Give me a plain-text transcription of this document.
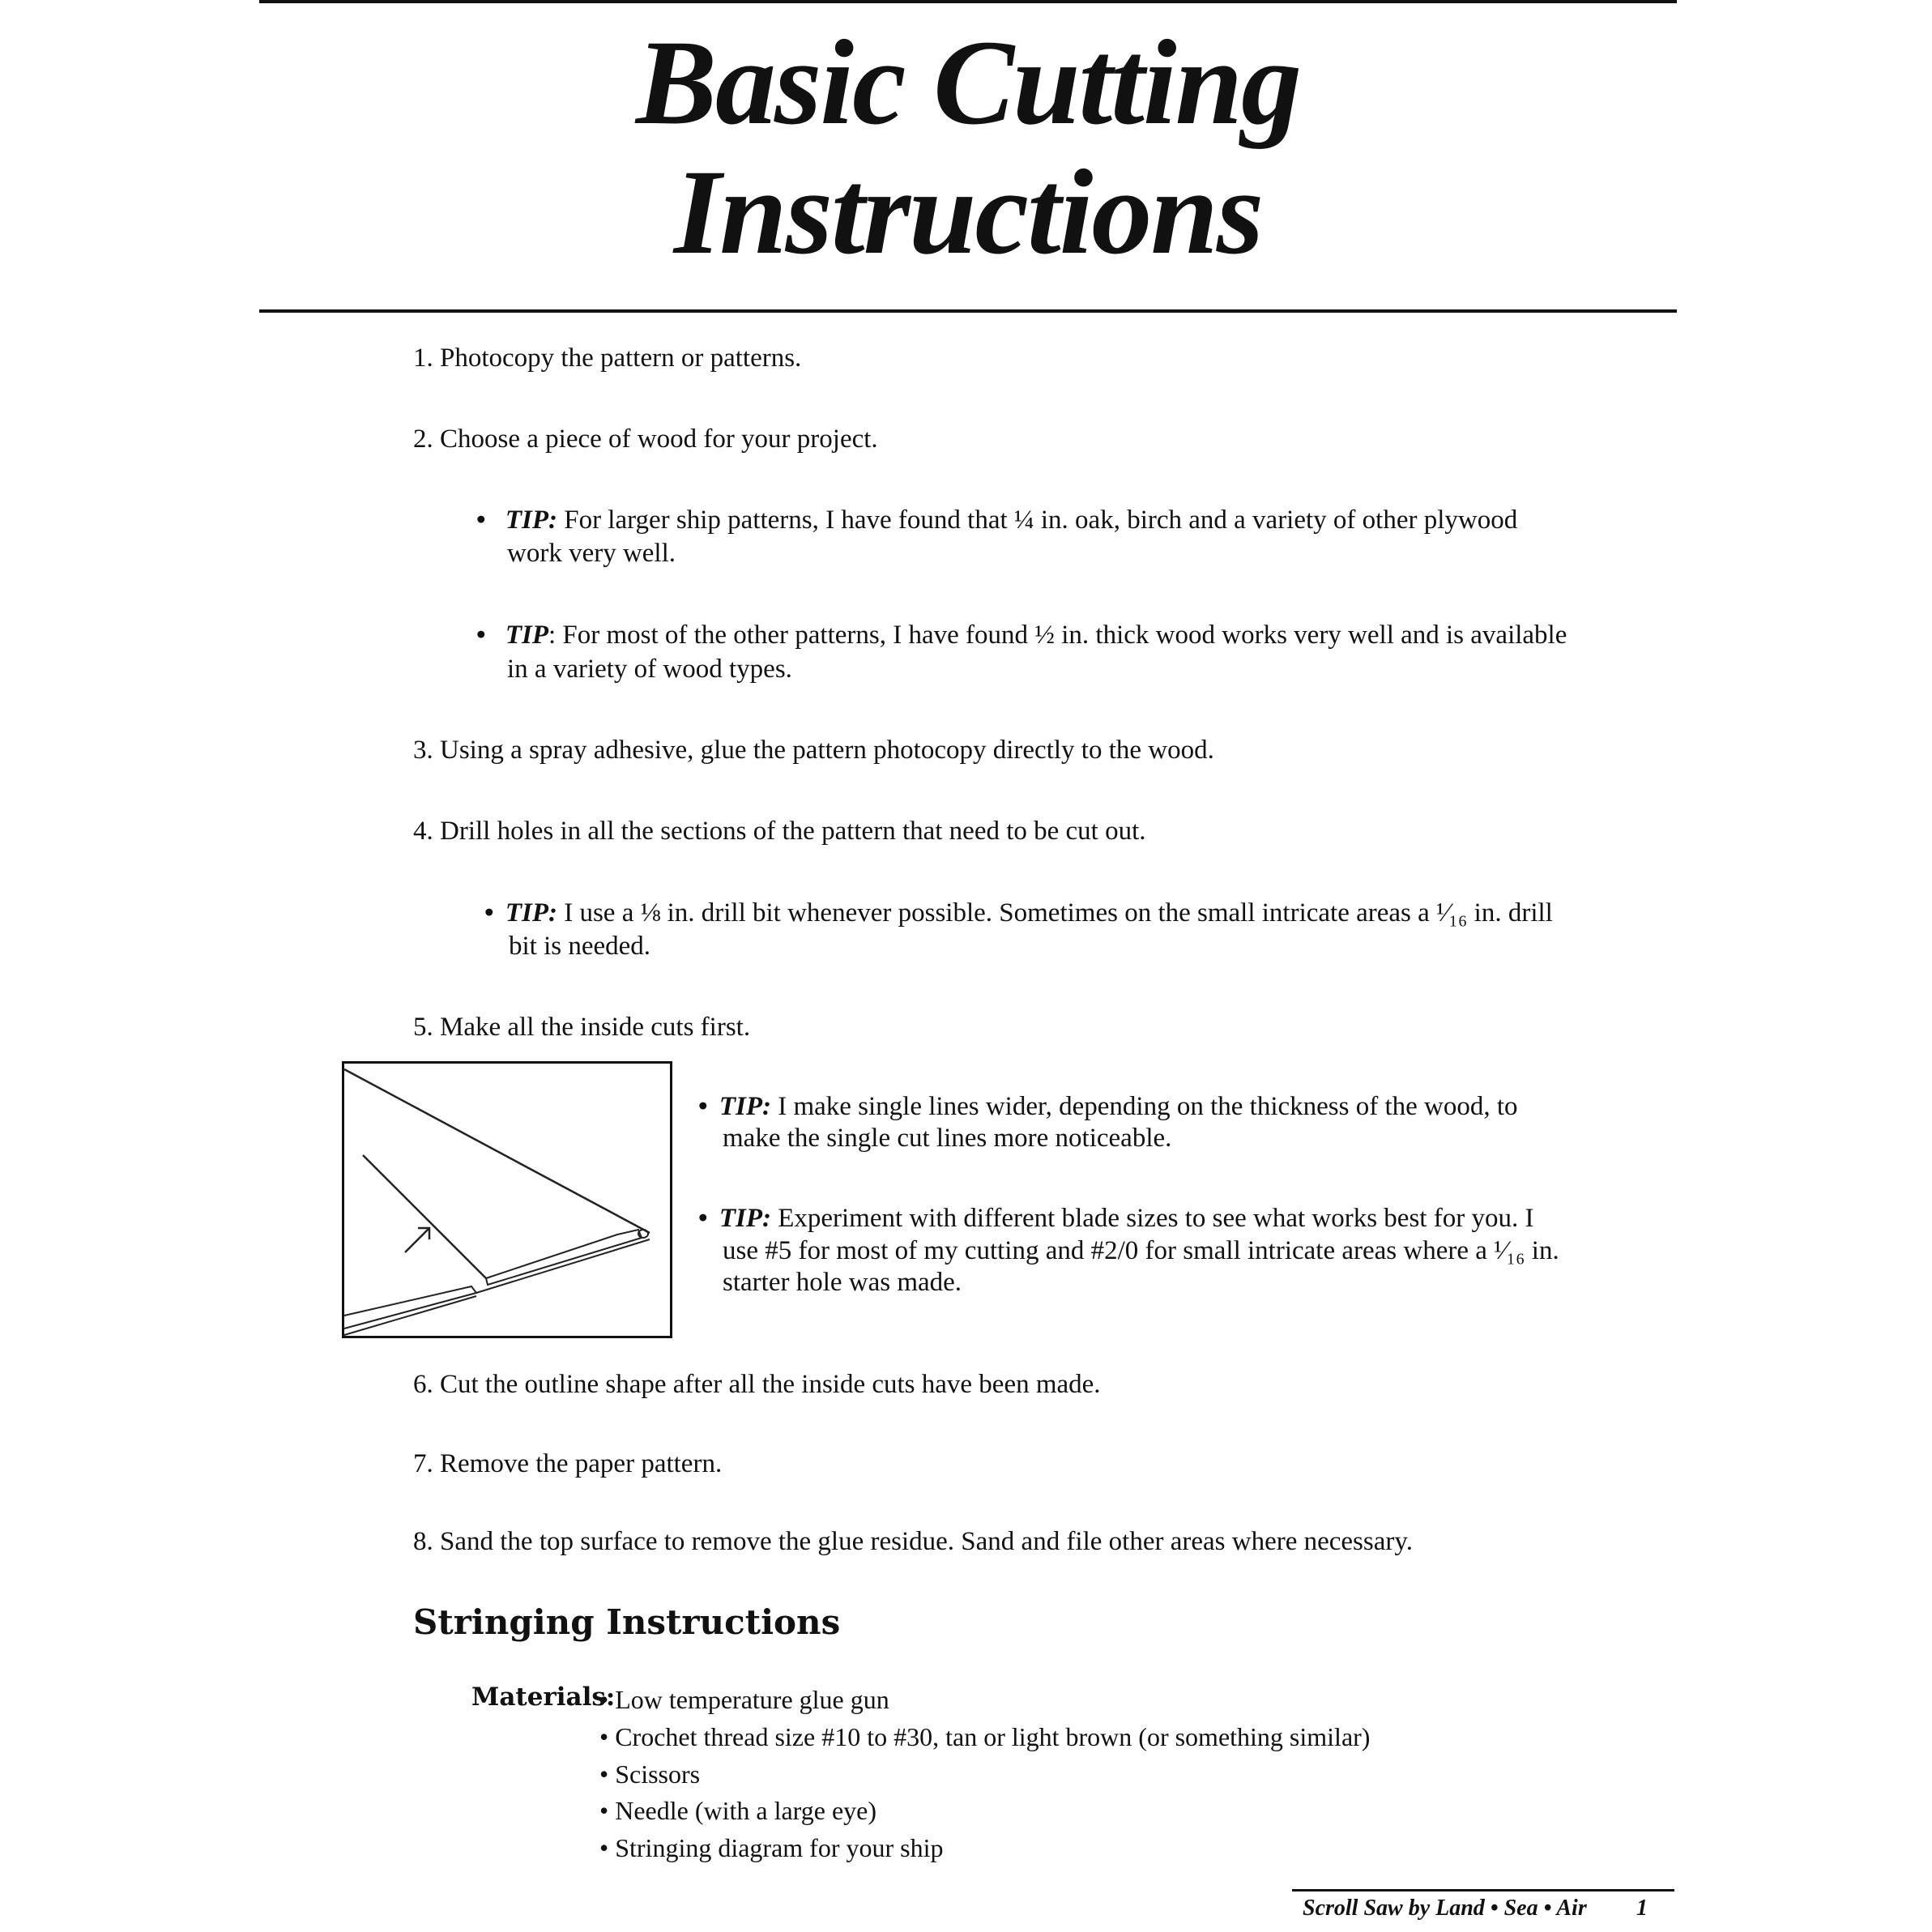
Basic Cutting
Instructions
1. Photocopy the pattern or patterns.
2. Choose a piece of wood for your project.
• TIP: For larger ship patterns, I have found that ¼ in. oak, birch and a variety of other plywood
work very well.
• TIP: For most of the other patterns, I have found ½ in. thick wood works very well and is available
in a variety of wood types.
3. Using a spray adhesive, glue the pattern photocopy directly to the wood.
4. Drill holes in all the sections of the pattern that need to be cut out.
• TIP: I use a ⅛ in. drill bit whenever possible. Sometimes on the small intricate areas a ¹⁄₁₆ in. drill
bit is needed.
5. Make all the inside cuts first.
• TIP: I make single lines wider, depending on the thickness of the wood, to
make the single cut lines more noticeable.
• TIP: Experiment with different blade sizes to see what works best for you. I
use #5 for most of my cutting and #2/0 for small intricate areas where a ¹⁄₁₆ in.
starter hole was made.
6. Cut the outline shape after all the inside cuts have been made.
7. Remove the paper pattern.
8. Sand the top surface to remove the glue residue. Sand and file other areas where necessary.
Stringing Instructions
Materials:
• Low temperature glue gun
• Crochet thread size #10 to #30, tan or light brown (or something similar)
• Scissors
• Needle (with a large eye)
• Stringing diagram for your ship
Scroll Saw by Land • Sea • Air 1
